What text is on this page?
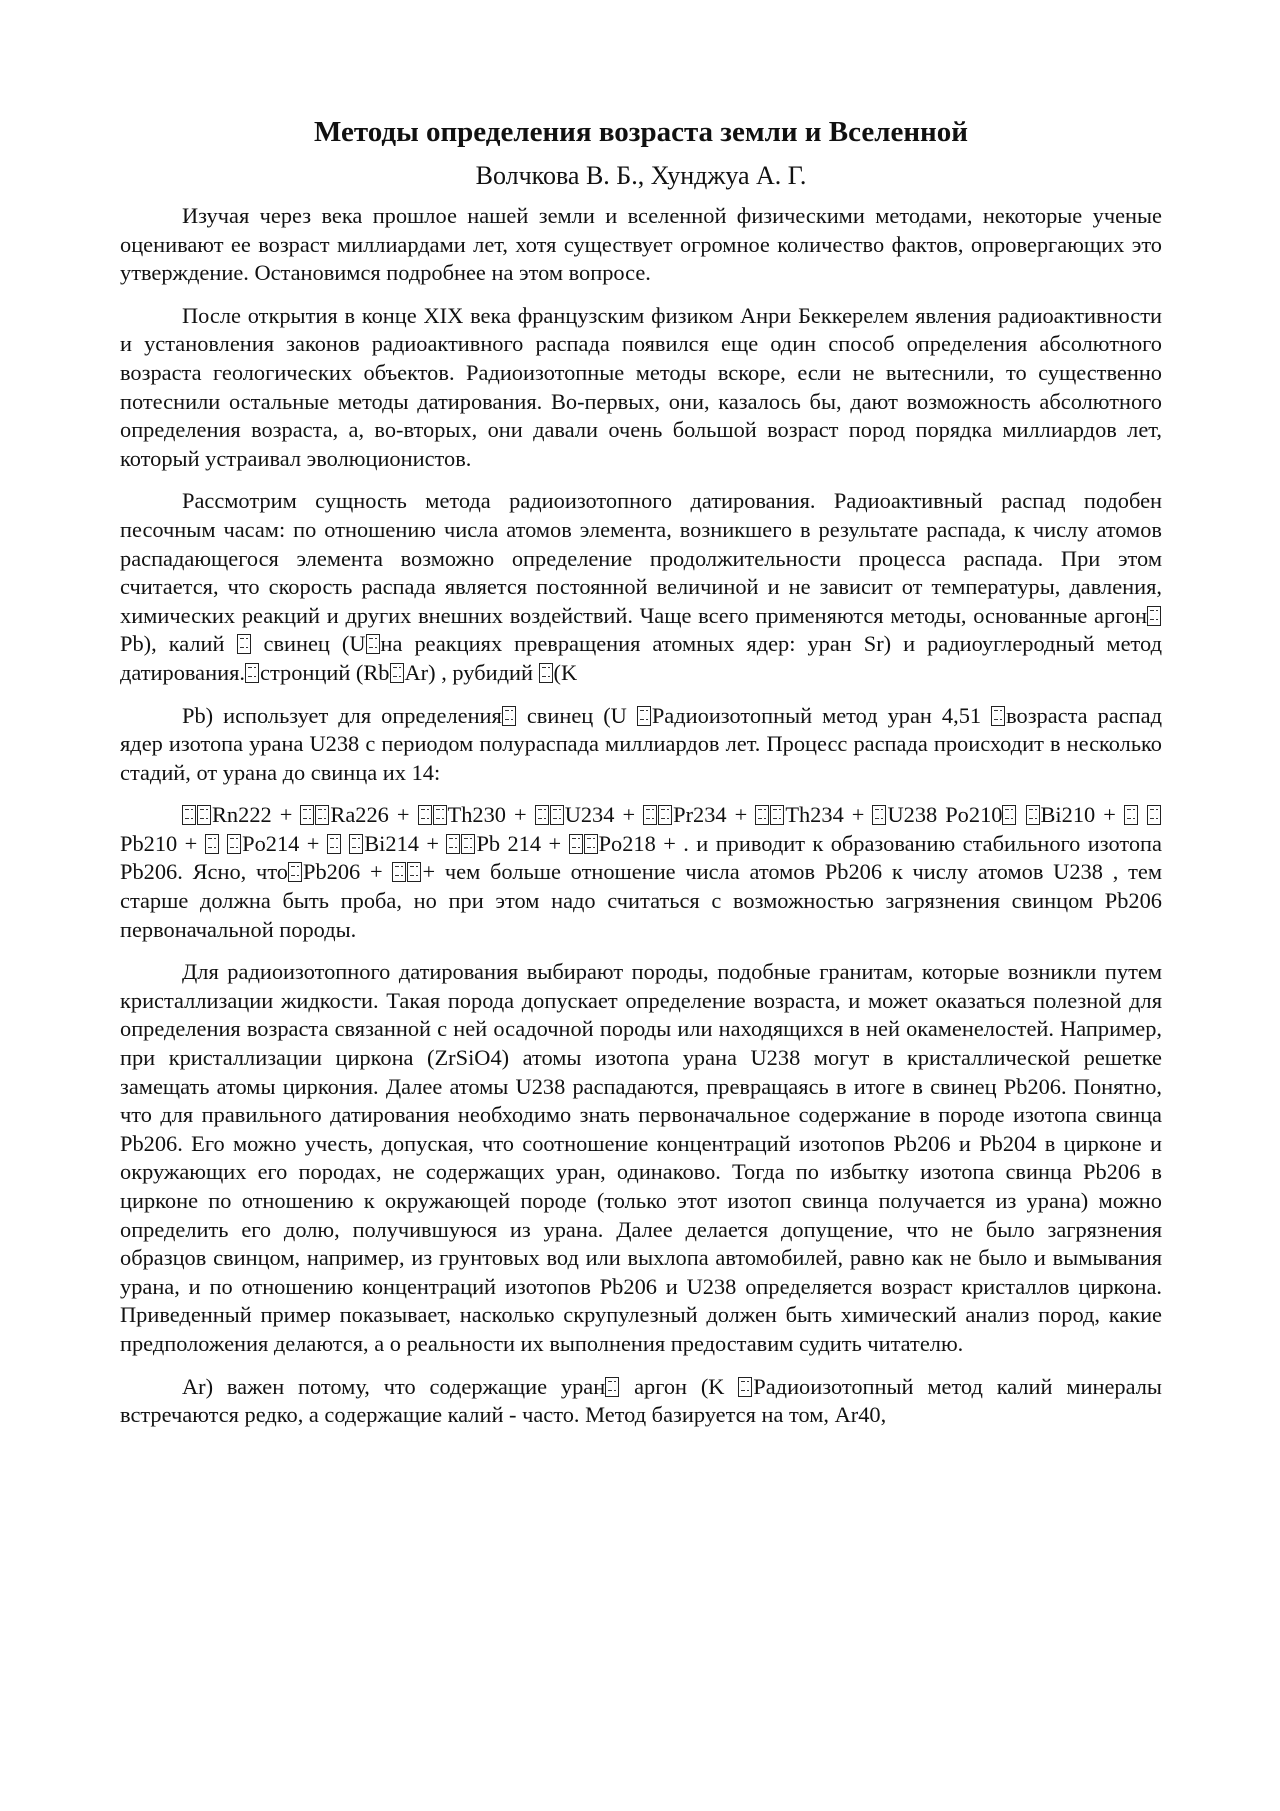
Методы определения возраста земли и Вселенной
Волчкова В. Б., Хунджуа А. Г.

Изучая через века прошлое нашей земли и вселенной физическими методами, некоторые ученые оценивают ее возраст миллиардами лет, хотя существует огромное количество фактов, опровергающих это утверждение. Остановимся подробнее на этом вопросе.

После открытия в конце XIX века французским физиком Анри Беккерелем явления радиоактивности и установления законов радиоактивного распада появился еще один способ определения абсолютного возраста геологических объектов. Радиоизотопные методы вскоре, если не вытеснили, то существенно потеснили остальные методы датирования. Во-первых, они, казалось бы, дают возможность абсолютного определения возраста, а, во-вторых, они давали очень большой возраст пород порядка миллиардов лет, который устраивал эволюционистов.

Рассмотрим сущность метода радиоизотопного датирования. Радиоактивный распад подобен песочным часам: по отношению числа атомов элемента, возникшего в результате распада, к числу атомов распадающегося элемента возможно определение продолжительности процесса распада. При этом считается, что скорость распада является постоянной величиной и не зависит от температуры, давления, химических реакций и других внешних воздействий. Чаще всего применяются методы, основанные аргонPb), калий свинец (U на реакциях превращения атомных ядер: уран Sr) и радиоуглеродный метод датирования. стронций (Rb Ar) , рубидий (K

Pb) использует для определения свинец (U Радиоизотопный метод уран 4,51 возраста распад ядер изотопа урана U238 с периодом полураспада миллиардов лет. Процесс распада происходит в несколько стадий, от урана до свинца их 14:

Rn222 + Ra226 + Th230 + U234 + Pr234 + Th234 + U238 Po210 Bi210 +  Pb210 + Po214 + Bi214 + Pb 214 + Po218 + . и приводит к образованию стабильного изотопа Pb206. Ясно, что Pb206 + + чем больше отношение числа атомов Pb206 к числу атомов U238 , тем старше должна быть проба, но при этом надо считаться с возможностью загрязнения свинцом Pb206 первоначальной породы.

Для радиоизотопного датирования выбирают породы, подобные гранитам, которые возникли путем кристаллизации жидкости. Такая порода допускает определение возраста, и может оказаться полезной для определения возраста связанной с ней осадочной породы или находящихся в ней окаменелостей. Например, при кристаллизации циркона (ZrSiO4) атомы изотопа урана U238 могут в кристаллической решетке замещать атомы циркония. Далее атомы U238 распадаются, превращаясь в итоге в свинец Pb206. Понятно, что для правильного датирования необходимо знать первоначальное содержание в породе изотопа свинца Pb206. Его можно учесть, допуская, что соотношение концентраций изотопов Pb206 и Pb204 в цирконе и окружающих его породах, не содержащих уран, одинаково. Тогда по избытку изотопа свинца Pb206 в цирконе по отношению к окружающей породе (только этот изотоп свинца получается из урана) можно определить его долю, получившуюся из урана. Далее делается допущение, что не было загрязнения образцов свинцом, например, из грунтовых вод или выхлопа автомобилей, равно как не было и вымывания урана, и по отношению концентраций изотопов Pb206 и U238 определяется возраст кристаллов циркона. Приведенный пример показывает, насколько скрупулезный должен быть химический анализ пород, какие предположения делаются, а о реальности их выполнения предоставим судить читателю.

Ar) важен потому, что содержащие уран аргон (K Радиоизотопный метод калий минералы встречаются редко, а содержащие калий - часто. Метод базируется на том, Ar40,
